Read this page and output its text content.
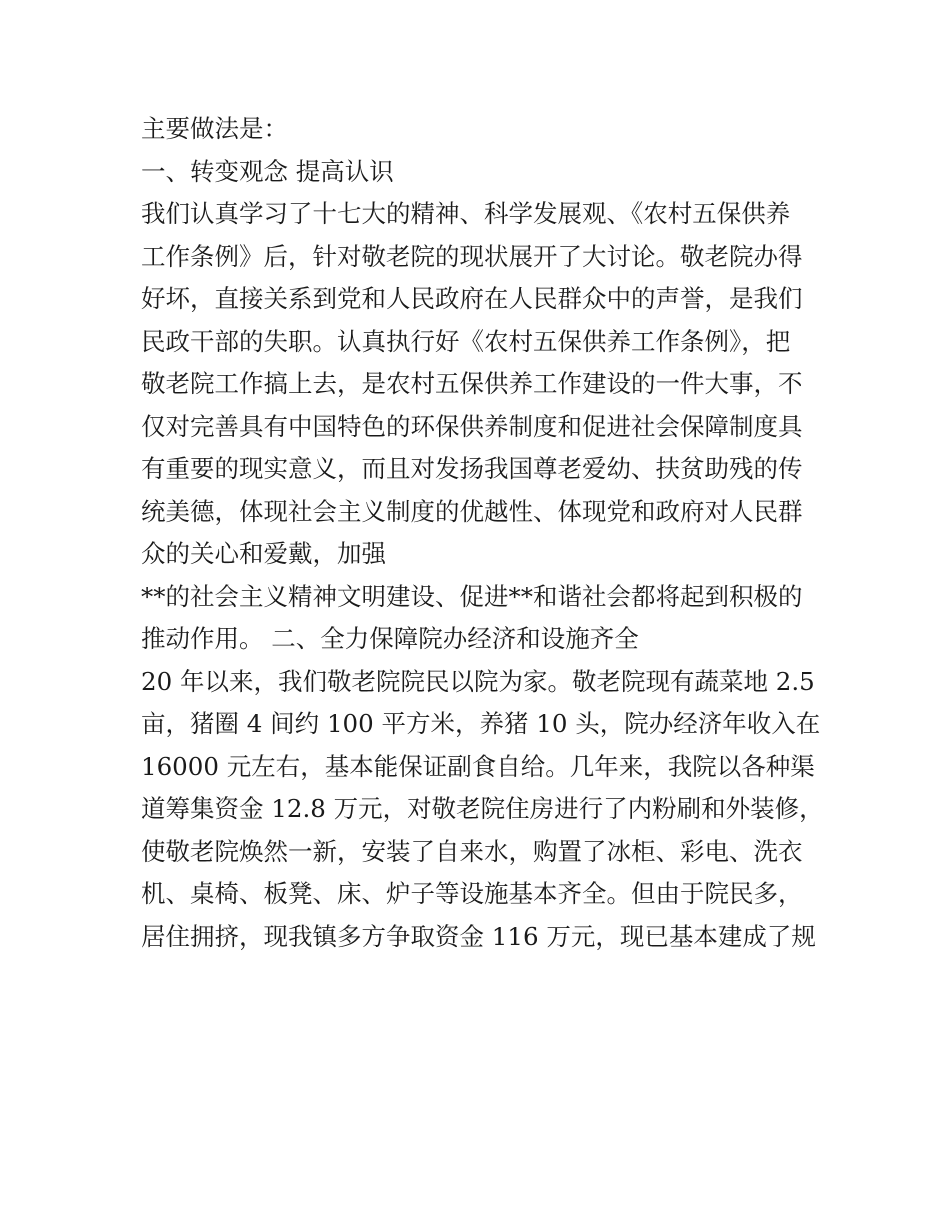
主要做法是：
一、转变观念 提高认识
我们认真学习了十七大的精神、科学发展观、《农村五保供养
工作条例》后，针对敬老院的现状展开了大讨论。敬老院办得
好坏，直接关系到党和人民政府在人民群众中的声誉，是我们
民政干部的失职。认真执行好《农村五保供养工作条例》，把
敬老院工作搞上去，是农村五保供养工作建设的一件大事，不
仅对完善具有中国特色的环保供养制度和促进社会保障制度具
有重要的现实意义，而且对发扬我国尊老爱幼、扶贫助残的传
统美德，体现社会主义制度的优越性、体现党和政府对人民群
众的关心和爱戴，加强
**的社会主义精神文明建设、促进**和谐社会都将起到积极的
推动作用。 二、全力保障院办经济和设施齐全
20 年以来，我们敬老院院民以院为家。敬老院现有蔬菜地 2.5
亩，猪圈 4 间约 100 平方米，养猪 10 头，院办经济年收入在
16000 元左右，基本能保证副食自给。几年来，我院以各种渠
道筹集资金 12.8 万元，对敬老院住房进行了内粉刷和外装修，
使敬老院焕然一新，安装了自来水，购置了冰柜、彩电、洗衣
机、桌椅、板凳、床、炉子等设施基本齐全。但由于院民多，
居住拥挤，现我镇多方争取资金 116 万元，现已基本建成了规
